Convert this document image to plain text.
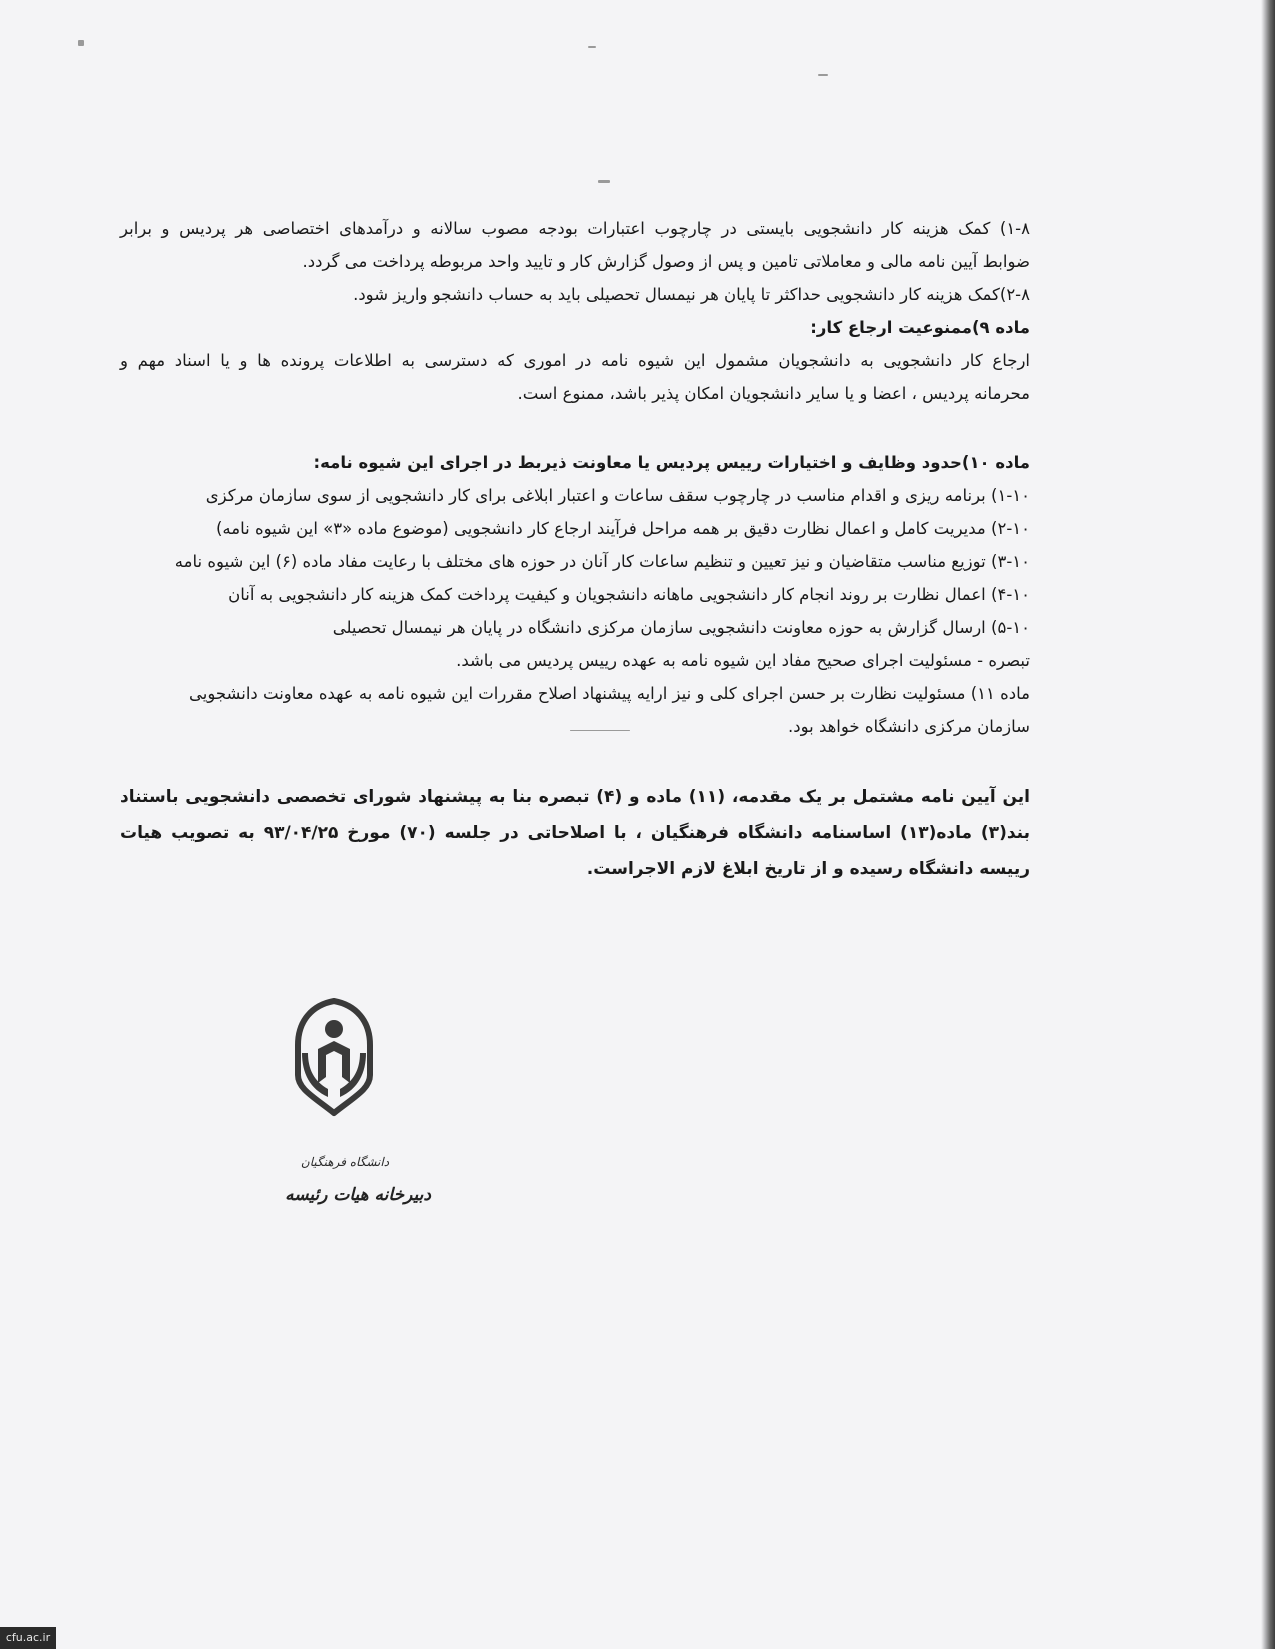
۱-۸) کمک هزینه کار دانشجویی بایستی در چارچوب اعتبارات بودجه مصوب سالانه و درآمدهای اختصاصی هر پردیس و برابر

ضوابط آیین نامه مالی و معاملاتی تامین و پس از وصول گزارش کار و تایید واحد مربوطه پرداخت می گردد.

۲-۸)کمک هزینه کار دانشجویی حداکثر تا پایان هر نیمسال تحصیلی باید به حساب دانشجو واریز شود.

ماده ۹)ممنوعیت ارجاع کار:

ارجاع کار دانشجویی به دانشجویان مشمول این شیوه نامه در اموری که دسترسی به اطلاعات پرونده ها و یا اسناد مهم و

محرمانه پردیس ، اعضا و یا سایر دانشجویان امکان پذیر باشد، ممنوع است.

ماده ۱۰)حدود وظایف و اختیارات رییس پردیس یا معاونت ذیربط در اجرای این شیوه نامه:

۱-۱۰) برنامه ریزی و اقدام مناسب در چارچوب سقف ساعات و اعتبار ابلاغی برای کار دانشجویی از سوی سازمان مرکزی

۲-۱۰) مدیریت کامل و اعمال نظارت دقیق بر همه مراحل فرآیند ارجاع کار دانشجویی (موضوع ماده «۳» این شیوه نامه)

۳-۱۰) توزیع مناسب متقاضیان و نیز تعیین و تنظیم ساعات کار آنان در حوزه های مختلف با رعایت مفاد ماده (۶) این شیوه نامه

۴-۱۰) اعمال نظارت بر روند انجام کار دانشجویی ماهانه دانشجویان و کیفیت پرداخت کمک هزینه کار دانشجویی به آنان

۵-۱۰) ارسال گزارش به حوزه معاونت دانشجویی سازمان مرکزی دانشگاه در پایان هر نیمسال تحصیلی

تبصره - مسئولیت اجرای صحیح مفاد این شیوه نامه به عهده رییس پردیس می باشد.

ماده ۱۱) مسئولیت نظارت بر حسن اجرای کلی و نیز ارایه پیشنهاد اصلاح مقررات این شیوه نامه به عهده معاونت دانشجویی

سازمان مرکزی دانشگاه خواهد بود.

این آیین نامه مشتمل بر یک مقدمه، (۱۱) ماده و (۴) تبصره بنا به پیشنهاد شورای تخصصی دانشجویی باستناد

بند(۳) ماده(۱۳) اساسنامه دانشگاه فرهنگیان ، با اصلاحاتی در جلسه (۷۰) مورخ ۹۳/۰۴/۲۵ به تصویب هیات

رییسه دانشگاه رسیده و از تاریخ ابلاغ لازم الاجراست.

دانشگاه فرهنگیان
دبیرخانه هیات رئیسه
cfu.ac.ir
